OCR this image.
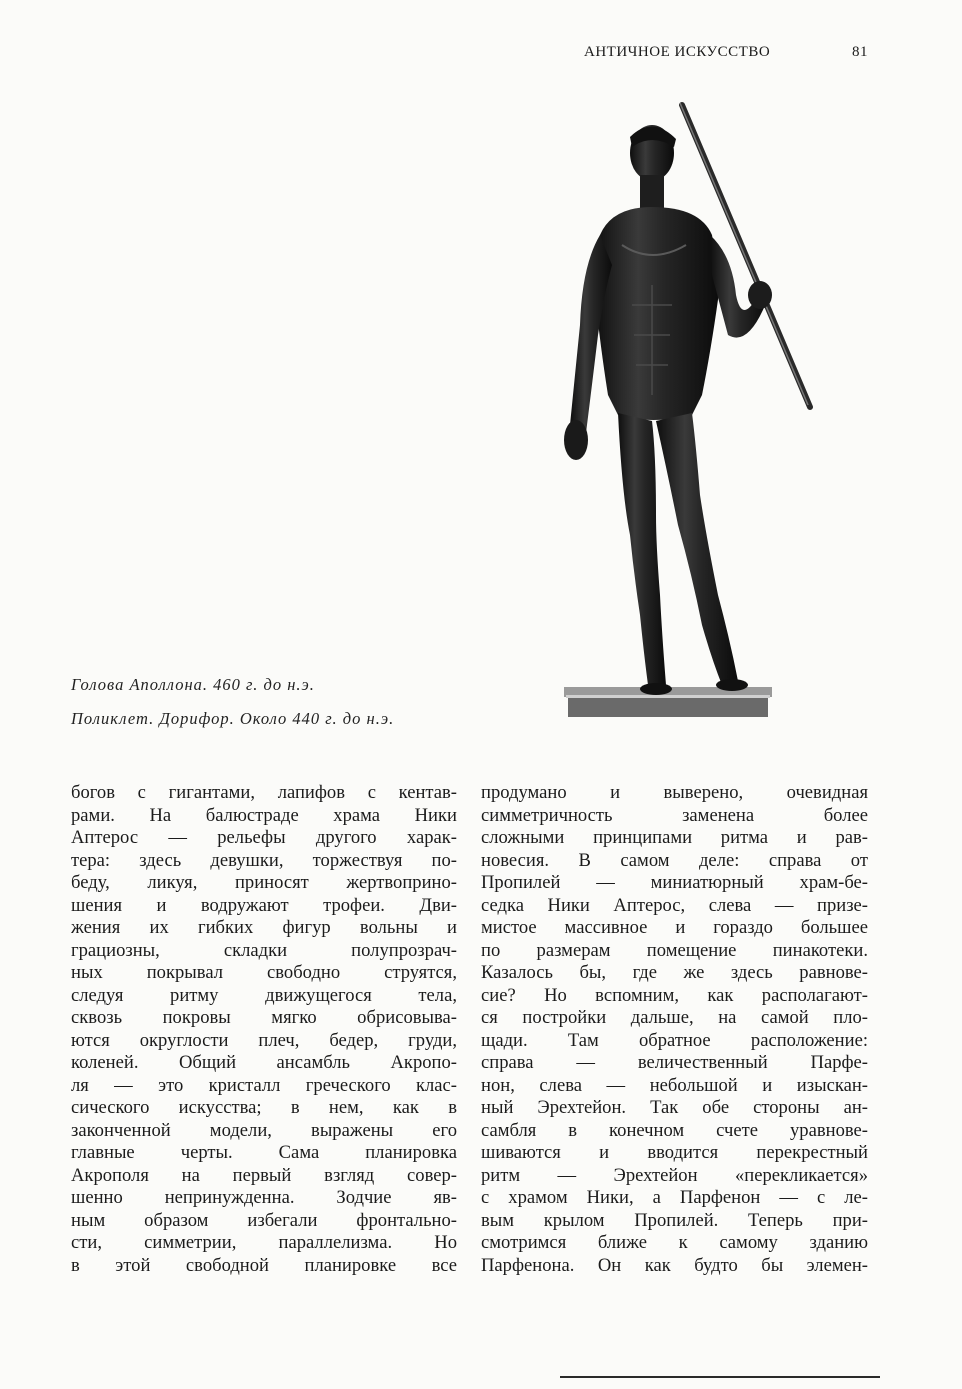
АНТИЧНОЕ ИСКУССТВО	81
Голова Аполлона. 460 г. до н.э.
Поликлет. Дорифор. Около 440 г. до н.э.
богов с гигантами, лапифов с кентав-
рами. На балюстраде храма Ники
Аптерос — рельефы другого харак-
тера: здесь девушки, торжествуя по-
беду, ликуя, приносят жертвоприно-
шения и водружают трофеи. Дви-
жения их гибких фигур вольны и
грациозны, складки полупрозрач-
ных покрывал свободно струятся,
следуя ритму движущегося тела,
сквозь покровы мягко обрисовыва-
ются округлости плеч, бедер, груди,
коленей. Общий ансамбль Акропо-
ля — это кристалл греческого клас-
сического искусства; в нем, как в
законченной модели, выражены его
главные черты. Сама планировка
Акрополя на первый взгляд совер-
шенно непринужденна. Зодчие яв-
ным образом избегали фронтально-
сти, симметрии, параллелизма. Но
в этой свободной планировке все
продумано и выверено, очевидная
симметричность заменена более
сложными принципами ритма и рав-
новесия. В самом деле: справа от
Пропилей — миниатюрный храм-бе-
седка Ники Аптерос, слева — призе-
мистое массивное и гораздо большее
по размерам помещение пинакотеки.
Казалось бы, где же здесь равнове-
сие? Но вспомним, как располагают-
ся постройки дальше, на самой пло-
щади. Там обратное расположение:
справа — величественный Парфе-
нон, слева — небольшой и изыскан-
ный Эрехтейон. Так обе стороны ан-
самбля в конечном счете уравнове-
шиваются и вводится перекрестный
ритм — Эрехтейон «перекликается»
с храмом Ники, а Парфенон — с ле-
вым крылом Пропилей. Теперь при-
смотримся ближе к самому зданию
Парфенона. Он как будто бы элемен-
